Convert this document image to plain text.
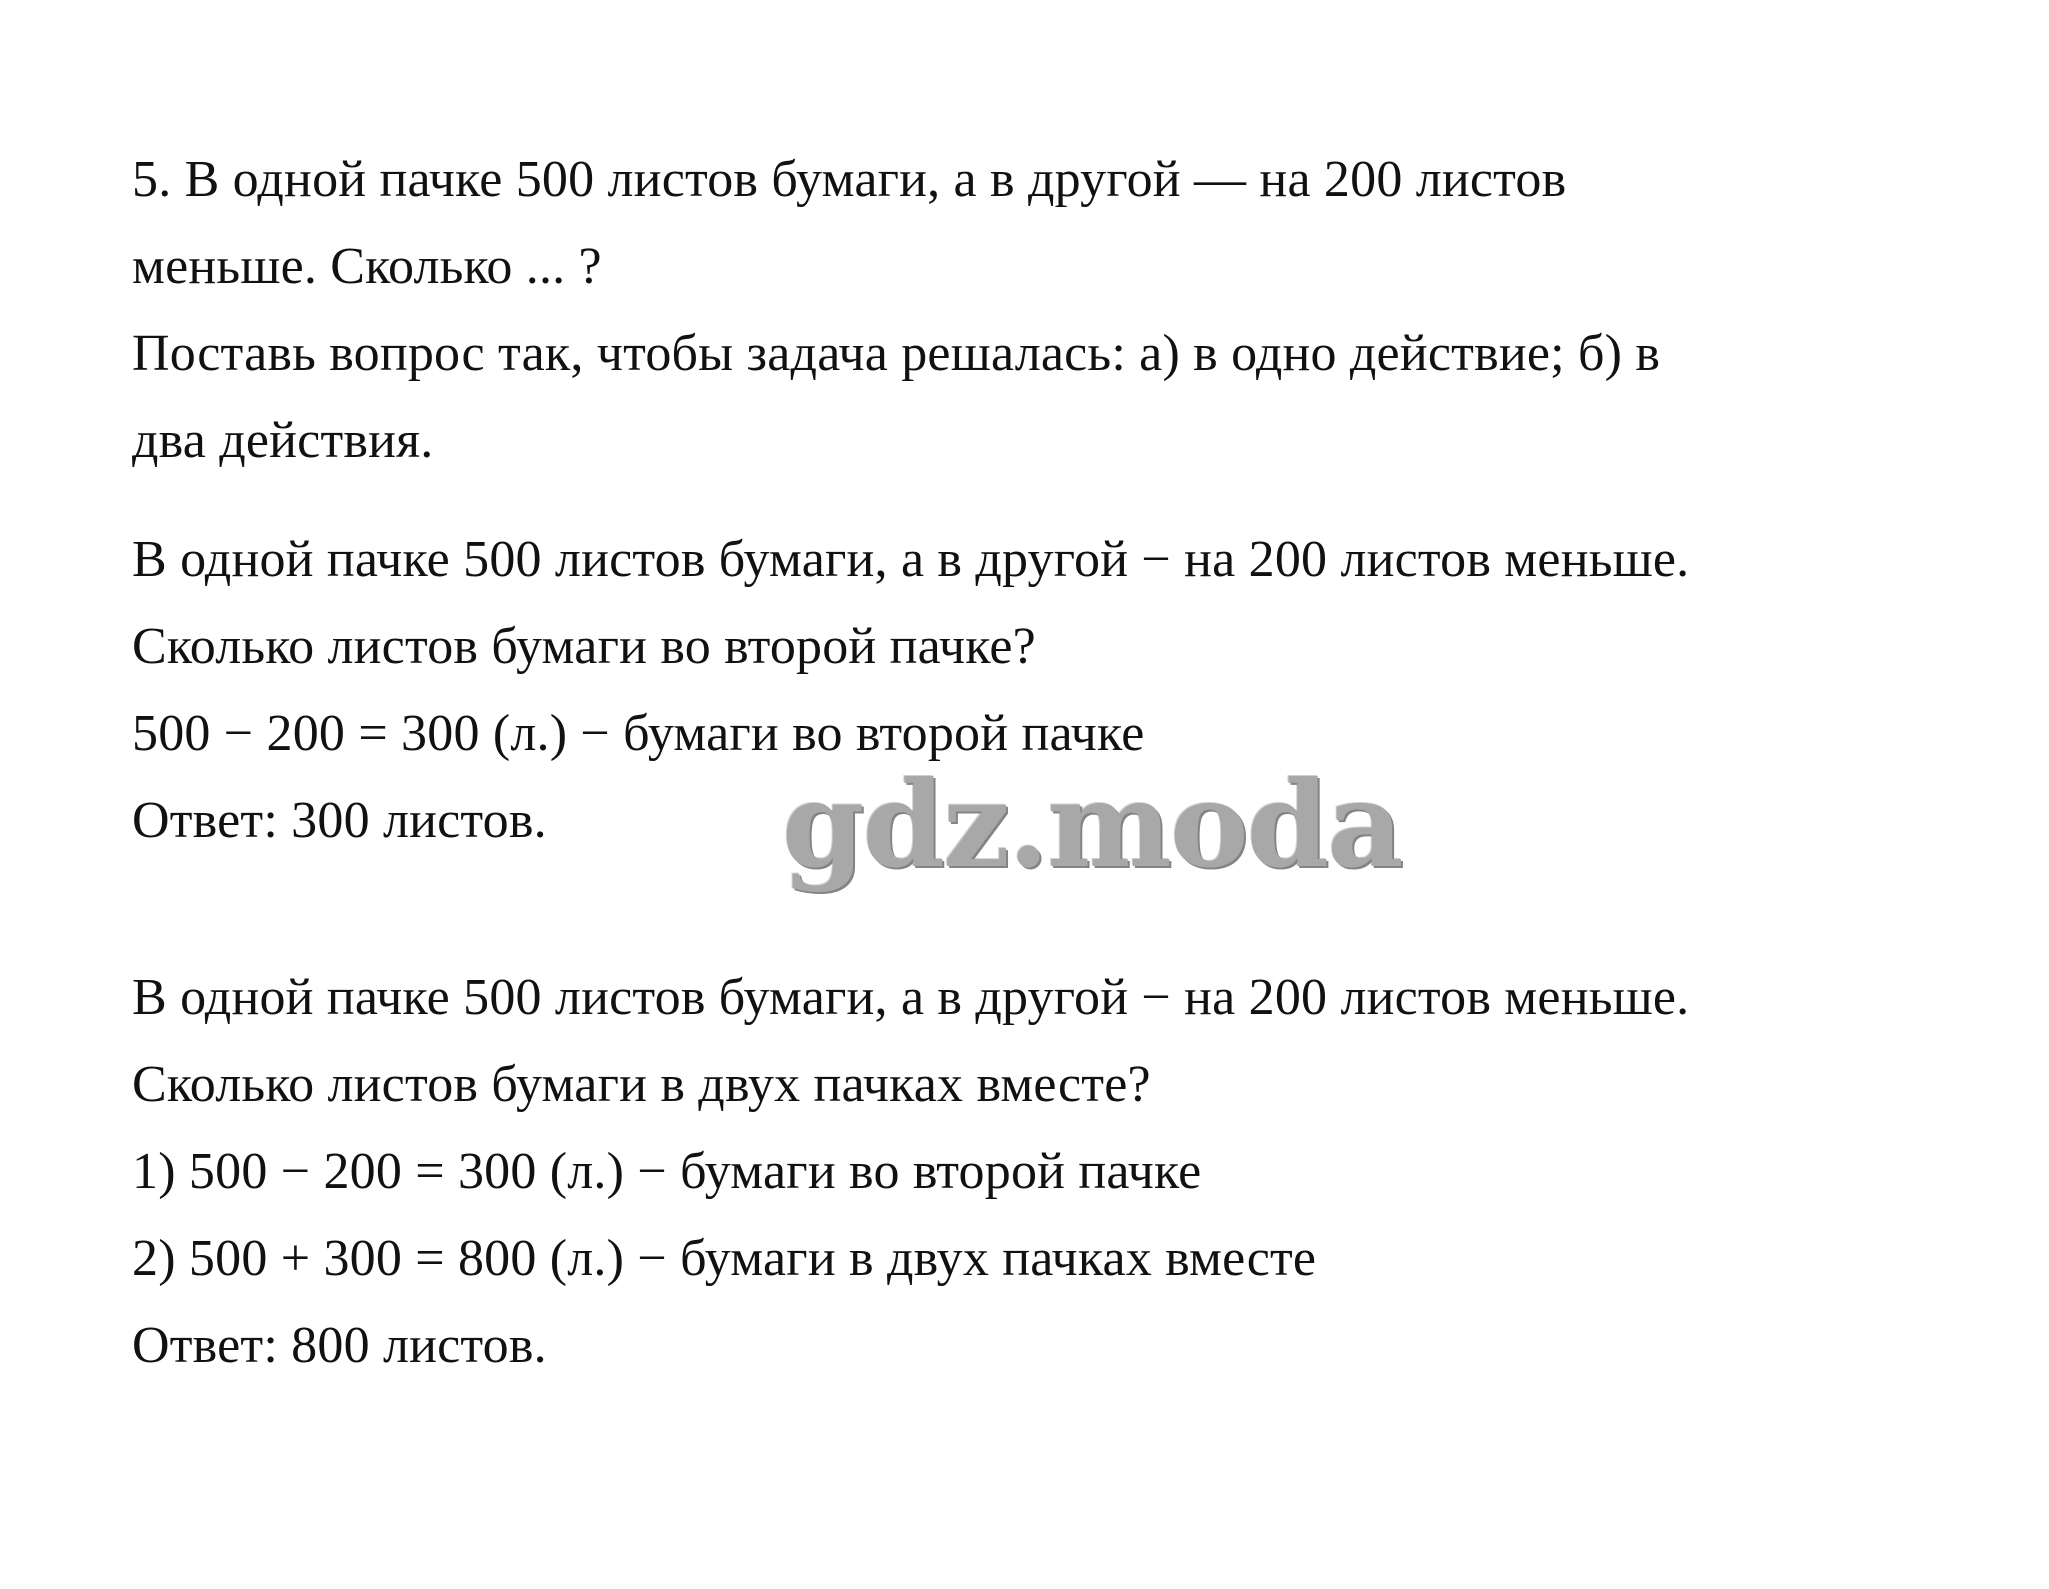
5. В одной пачке 500 листов бумаги, а в другой — на 200 листов
меньше. Сколько ... ?
Поставь вопрос так, чтобы задача решалась: а) в одно действие; б) в
два действия.
В одной пачке 500 листов бумаги, а в другой − на 200 листов меньше.
Сколько листов бумаги во второй пачке?
500 − 200 = 300 (л.) − бумаги во второй пачке
Ответ: 300 листов. gdz.moda
В одной пачке 500 листов бумаги, а в другой − на 200 листов меньше.
Сколько листов бумаги в двух пачках вместе?
1) 500 − 200 = 300 (л.) − бумаги во второй пачке
2) 500 + 300 = 800 (л.) − бумаги в двух пачках вместе
Ответ: 800 листов.
